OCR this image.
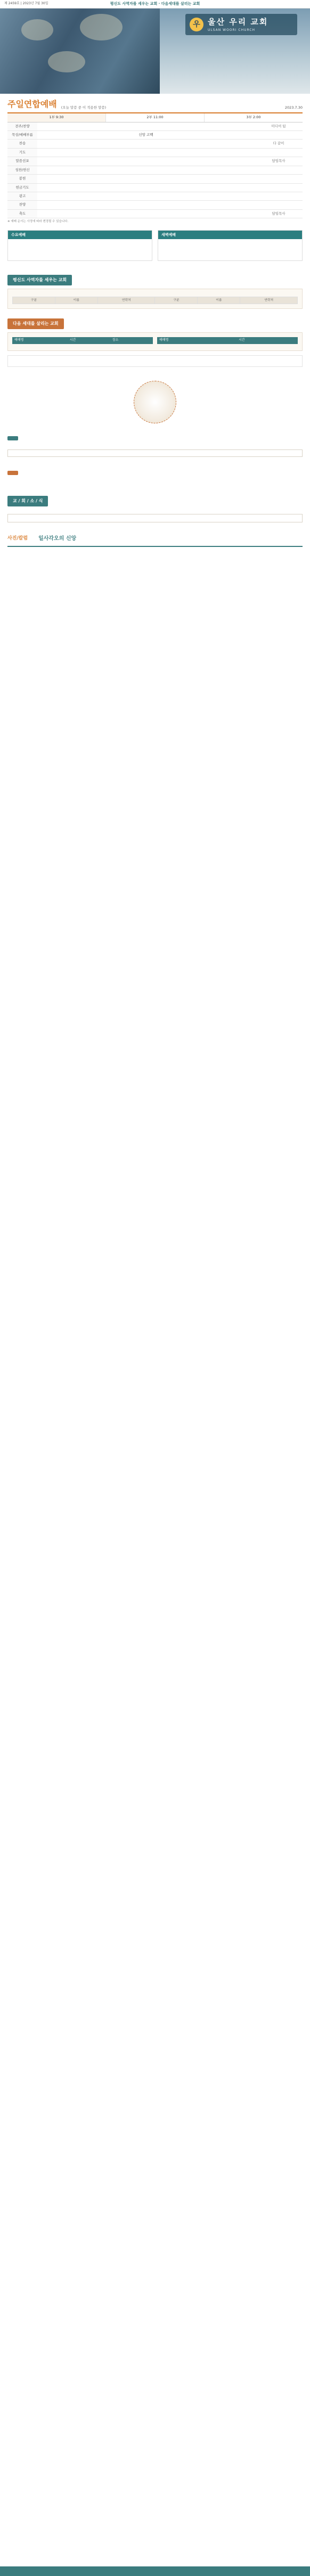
제 2459호 | 2023년 7월 30일	평신도 사역자를 세우는 교회 · 다음세대를 살리는 교회
우 울산 우리 교회
ULSAN WOORI CHURCH
주일연합예배 (오늘 말씀 중 이 적용한 말씀)	2023.7.30
1부 9:30	2부 11:00	3부 2:00
전주/찬양		미디어 팀
묵상/예배부름	신앙 고백	
찬송		다 같이
기도		
말씀선포		담임목사
성찬/헌신		
봉헌		
헌금기도		
광고		
찬양		
축도		담임목사
※ 예배 순서는 사정에 따라 변경될 수 있습니다.
수요예배	새벽예배
평신도 사역자를 세우는 교회

구분	이름	연락처	구분	이름	연락처
다음 세대를 살리는 교회
예배명	시간	장소	예배명	시간
교 / 회 / 소 / 식
사진/칼럼 일사각오의 신앙
